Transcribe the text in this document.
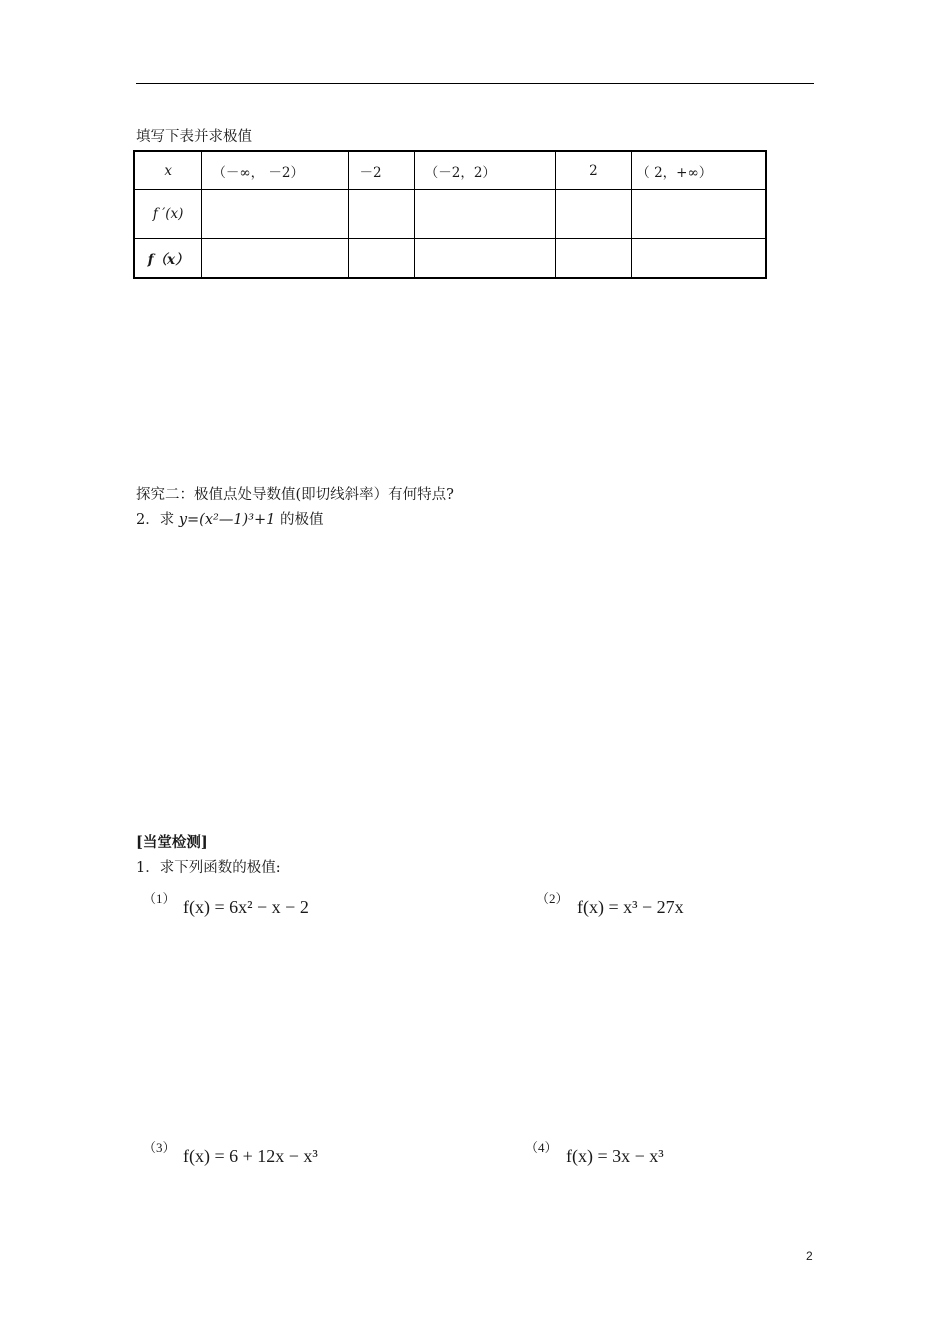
填写下表并求极值
x	（－∞， －2）	－2	（－2，2）	2	（ 2，+∞）
f ′(x)					
f（x）					
探究二：极值点处导数值(即切线斜率）有何特点?
2．求 y=(x²—1)³+1 的极值
[当堂检测]
1．求下列函数的极值:
（1） f(x) = 6x² − x − 2	（2） f(x) = x³ − 27x
（3） f(x) = 6 + 12x − x³	（4） f(x) = 3x − x³
2
